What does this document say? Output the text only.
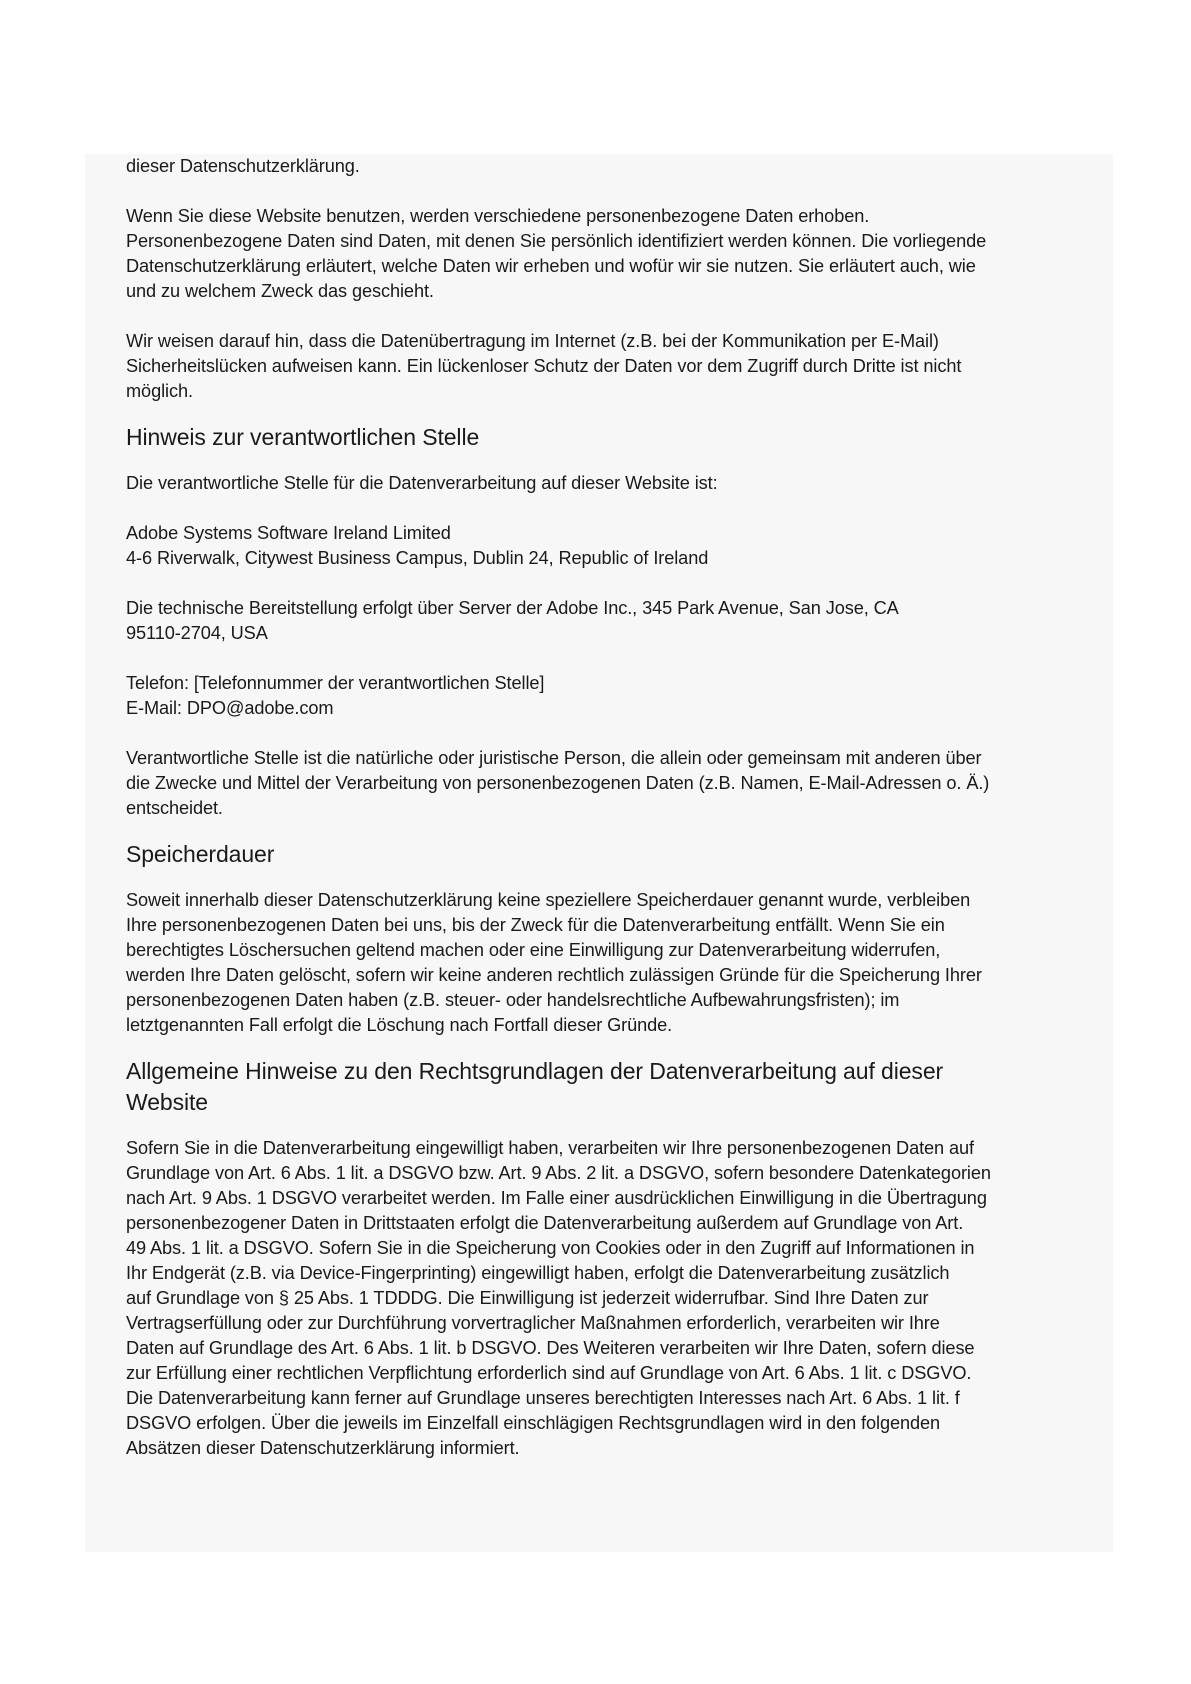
dieser Datenschutzerklärung.

Wenn Sie diese Website benutzen, werden verschiedene personenbezogene Daten erhoben.
Personenbezogene Daten sind Daten, mit denen Sie persönlich identifiziert werden können. Die vorliegende
Datenschutzerklärung erläutert, welche Daten wir erheben und wofür wir sie nutzen. Sie erläutert auch, wie
und zu welchem Zweck das geschieht.

Wir weisen darauf hin, dass die Datenübertragung im Internet (z.B. bei der Kommunikation per E-Mail)
Sicherheitslücken aufweisen kann. Ein lückenloser Schutz der Daten vor dem Zugriff durch Dritte ist nicht
möglich.

Hinweis zur verantwortlichen Stelle

Die verantwortliche Stelle für die Datenverarbeitung auf dieser Website ist:

Adobe Systems Software Ireland Limited
4-6 Riverwalk, Citywest Business Campus, Dublin 24, Republic of Ireland

Die technische Bereitstellung erfolgt über Server der Adobe Inc., 345 Park Avenue, San Jose, CA
95110-2704, USA

Telefon: [Telefonnummer der verantwortlichen Stelle]
E-Mail: DPO@adobe.com

Verantwortliche Stelle ist die natürliche oder juristische Person, die allein oder gemeinsam mit anderen über
die Zwecke und Mittel der Verarbeitung von personenbezogenen Daten (z.B. Namen, E-Mail-Adressen o. Ä.)
entscheidet.

Speicherdauer

Soweit innerhalb dieser Datenschutzerklärung keine speziellere Speicherdauer genannt wurde, verbleiben
Ihre personenbezogenen Daten bei uns, bis der Zweck für die Datenverarbeitung entfällt. Wenn Sie ein
berechtigtes Löschersuchen geltend machen oder eine Einwilligung zur Datenverarbeitung widerrufen,
werden Ihre Daten gelöscht, sofern wir keine anderen rechtlich zulässigen Gründe für die Speicherung Ihrer
personenbezogenen Daten haben (z.B. steuer- oder handelsrechtliche Aufbewahrungsfristen); im
letztgenannten Fall erfolgt die Löschung nach Fortfall dieser Gründe.

Allgemeine Hinweise zu den Rechtsgrundlagen der Datenverarbeitung auf dieser
Website

Sofern Sie in die Datenverarbeitung eingewilligt haben, verarbeiten wir Ihre personenbezogenen Daten auf
Grundlage von Art. 6 Abs. 1 lit. a DSGVO bzw. Art. 9 Abs. 2 lit. a DSGVO, sofern besondere Datenkategorien
nach Art. 9 Abs. 1 DSGVO verarbeitet werden. Im Falle einer ausdrücklichen Einwilligung in die Übertragung
personenbezogener Daten in Drittstaaten erfolgt die Datenverarbeitung außerdem auf Grundlage von Art.
49 Abs. 1 lit. a DSGVO. Sofern Sie in die Speicherung von Cookies oder in den Zugriff auf Informationen in
Ihr Endgerät (z.B. via Device-Fingerprinting) eingewilligt haben, erfolgt die Datenverarbeitung zusätzlich
auf Grundlage von § 25 Abs. 1 TDDDG. Die Einwilligung ist jederzeit widerrufbar. Sind Ihre Daten zur
Vertragserfüllung oder zur Durchführung vorvertraglicher Maßnahmen erforderlich, verarbeiten wir Ihre
Daten auf Grundlage des Art. 6 Abs. 1 lit. b DSGVO. Des Weiteren verarbeiten wir Ihre Daten, sofern diese
zur Erfüllung einer rechtlichen Verpflichtung erforderlich sind auf Grundlage von Art. 6 Abs. 1 lit. c DSGVO.
Die Datenverarbeitung kann ferner auf Grundlage unseres berechtigten Interesses nach Art. 6 Abs. 1 lit. f
DSGVO erfolgen. Über die jeweils im Einzelfall einschlägigen Rechtsgrundlagen wird in den folgenden
Absätzen dieser Datenschutzerklärung informiert.
